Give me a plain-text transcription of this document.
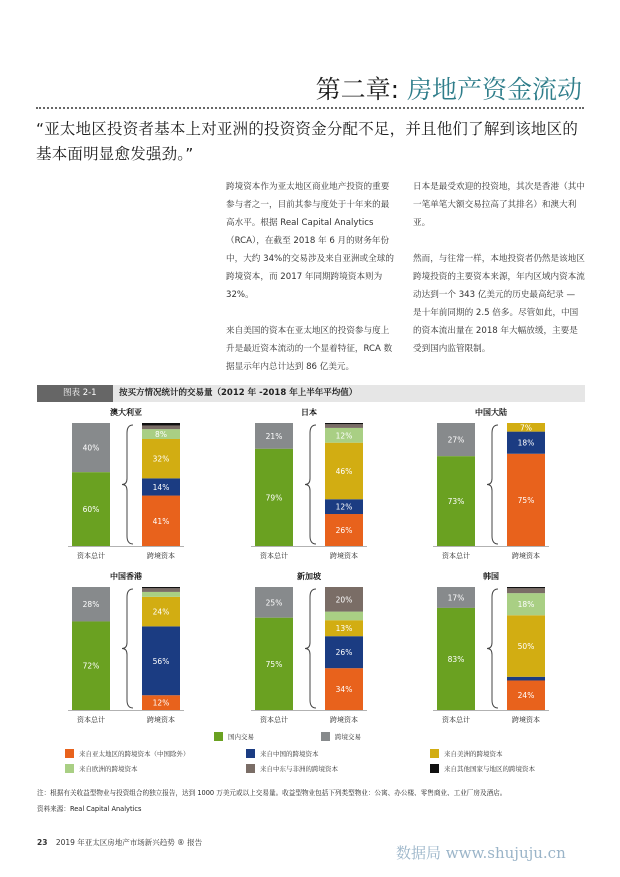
第二章: 房地产资金流动
“亚太地区投资者基本上对亚洲的投资资金分配不足，并且他们了解到该地区的基本面明显愈发强劲。”

跨境资本作为亚太地区商业地产投资的重要参与者之一，目前其参与度处于十年来的最高水平。根据 Real Capital Analytics（RCA），在截至 2018 年 6 月的财务年份中，大约 34%的交易涉及来自亚洲或全球的跨境资本，而 2017 年同期跨境资本则为 32%。

来自美国的资本在亚太地区的投资参与度上升是最近资本流动的一个显着特征，RCA 数据显示年内总计达到 86 亿美元。

日本是最受欢迎的投资地，其次是香港（其中一笔单笔大额交易拉高了其排名）和澳大利亚。

然而，与往常一样，本地投资者仍然是该地区跨境投资的主要资本来源，年内区域内资本流动达到一个 343 亿美元的历史最高纪录 — 是十年前同期的 2.5 倍多。尽管如此，中国的资本流出量在 2018 年大幅放缓，主要是受到国内监管限制。

图表 2-1	按买方情况统计的交易量（2012 年 -2018 年上半年平均值）
澳大利亚
60%
40%
41%
14%
32%
8%
资本总计	跨境资本
日本
79%
21%
26%
12%
46%
12%
资本总计	跨境资本
中国大陆
73%
27%
75%
18%
7%
资本总计	跨境资本
中国香港
72%
28%
12%
56%
24%
资本总计	跨境资本
新加坡
75%
25%
34%
26%
13%
20%
资本总计	跨境资本
韩国
83%
17%
24%
50%
18%
资本总计	跨境资本
国内交易	跨境交易
来自亚太地区的跨境资本（中国除外）	来自中国的跨境资本	来自美洲的跨境资本
来自欧洲的跨境资本	来自中东与非洲的跨境资本	来自其他国家与地区的跨境资本
注：根据有关收益型物业与投资组合的独立报告，达到 1000 万美元或以上交易量。收益型物业包括下列类型物业：公寓、办公楼、零售商业、工业厂房及酒店。
资料来源：Real Capital Analytics
23 2019 年亚太区房地产市场新兴趋势 ® 报告
数据局 www.shujuju.cn
